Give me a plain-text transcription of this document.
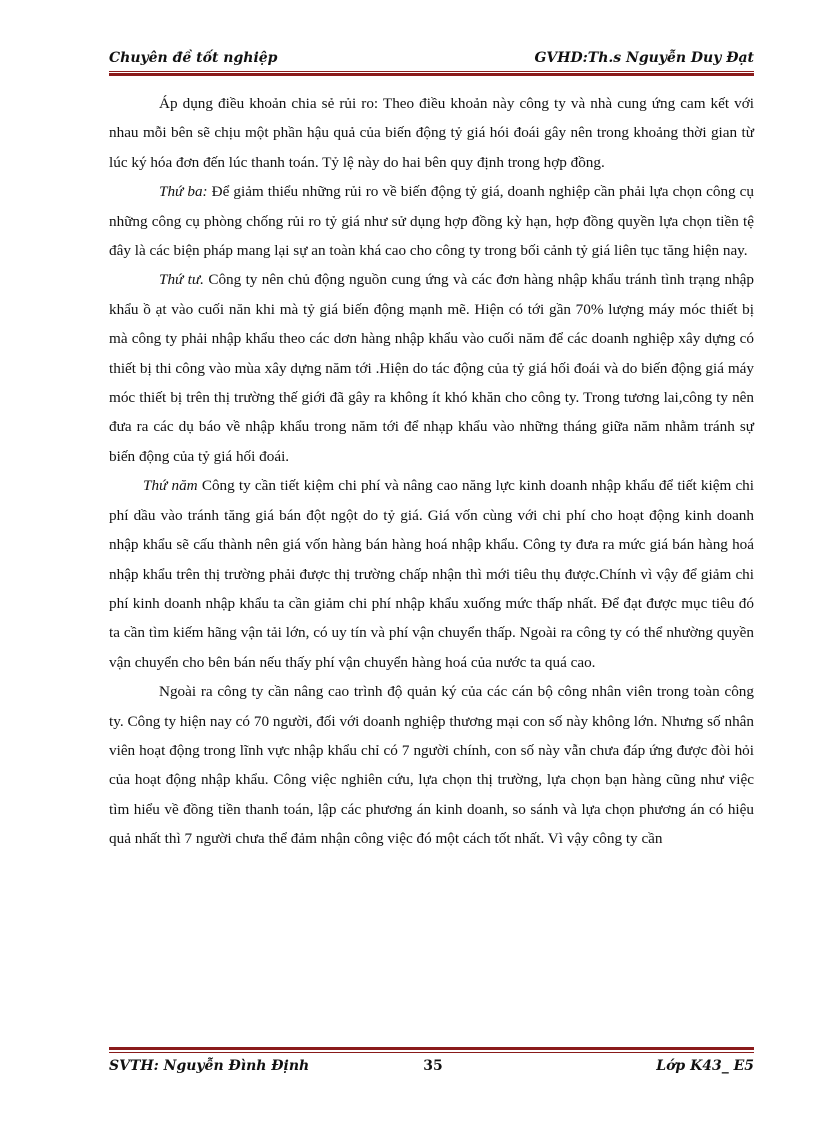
Chuyên đề tốt nghiệp	GVHD:Th.s Nguyễn Duy Đạt

Áp dụng điều khoản chia sẻ rủi ro: Theo điều khoản này công ty và nhà cung ứng cam kết với nhau mỗi bên sẽ chịu một phần hậu quả của biến động tỷ giá hói đoái gây nên trong khoảng thời gian từ lúc ký hóa đơn đến lúc thanh toán. Tỷ lệ này do hai bên quy định trong hợp đồng.

Thứ ba: Để giảm thiểu những rủi ro về biến động tỷ giá, doanh nghiệp cần phải lựa chọn công cụ những công cụ phòng chống rủi ro tỷ giá như sử dụng hợp đồng kỳ hạn, hợp đồng quyền lựa chọn tiền tệ đây là các biện pháp mang lại sự an toàn khá cao cho công ty trong bối cảnh tỷ giá liên tục tăng hiện nay.

Thứ tư. Công ty nên chủ động nguồn cung ứng và các đơn hàng nhập khẩu tránh tình trạng nhập khẩu ồ ạt vào cuối năn khi mà tỷ giá biến động mạnh mẽ. Hiện có tới gần 70% lượng máy móc thiết bị mà công ty phải nhập khẩu theo các dơn hàng nhập khẩu vào cuối năm để các doanh nghiệp xây dựng có thiết bị thi công vào mùa xây dựng năm tới .Hiện do tác động của tỷ giá hối đoái và do biến động giá máy móc thiết bị trên thị trường thế giới đã gây ra không ít khó khăn cho công ty. Trong tương lai,công ty nên đưa ra các dụ báo về nhập khẩu trong năm tới để nhạp khẩu vào những tháng giữa năm nhằm tránh sự biến động của tỷ giá hối đoái.

Thứ năm Công ty cần tiết kiệm chi phí và nâng cao năng lực kinh doanh nhập khẩu để tiết kiệm chi phí dầu vào tránh tăng giá bán đột ngột do tỷ giá. Giá vốn cùng với chi phí cho hoạt động kinh doanh nhập khẩu sẽ cấu thành nên giá vốn hàng bán hàng hoá nhập khẩu. Công ty đưa ra mức giá bán hàng hoá nhập khẩu trên thị trường phải được thị trường chấp nhận thì mới tiêu thụ được.Chính vì vậy để giảm chi phí kinh doanh nhập khẩu ta cần giảm chi phí nhập khẩu xuống mức thấp nhất. Để đạt được mục tiêu đó ta cần tìm kiếm hãng vận tải lớn, có uy tín và phí vận chuyển thấp. Ngoài ra công ty có thể nhường quyền vận chuyển cho bên bán nếu thấy phí vận chuyển hàng hoá của nước ta quá cao.

Ngoài ra công ty cần nâng cao trình độ quản ký của các cán bộ công nhân viên trong toàn công ty. Công ty hiện nay có 70 người, đối với doanh nghiệp thương mại con số này không lớn. Nhưng số nhân viên hoạt động trong lĩnh vực nhập khẩu chỉ có 7 người chính, con số này vẫn chưa đáp ứng được đòi hỏi của hoạt động nhập khẩu. Công việc nghiên cứu, lựa chọn thị trường, lựa chọn bạn hàng cũng như việc tìm hiểu về đồng tiền thanh toán, lập các phương án kinh doanh, so sánh và lựa chọn phương án có hiệu quả nhất thì 7 người chưa thể đảm nhận công việc đó một cách tốt nhất. Vì vậy công ty cần

SVTH: Nguyễn Đình Định	35	Lớp K43_ E5
